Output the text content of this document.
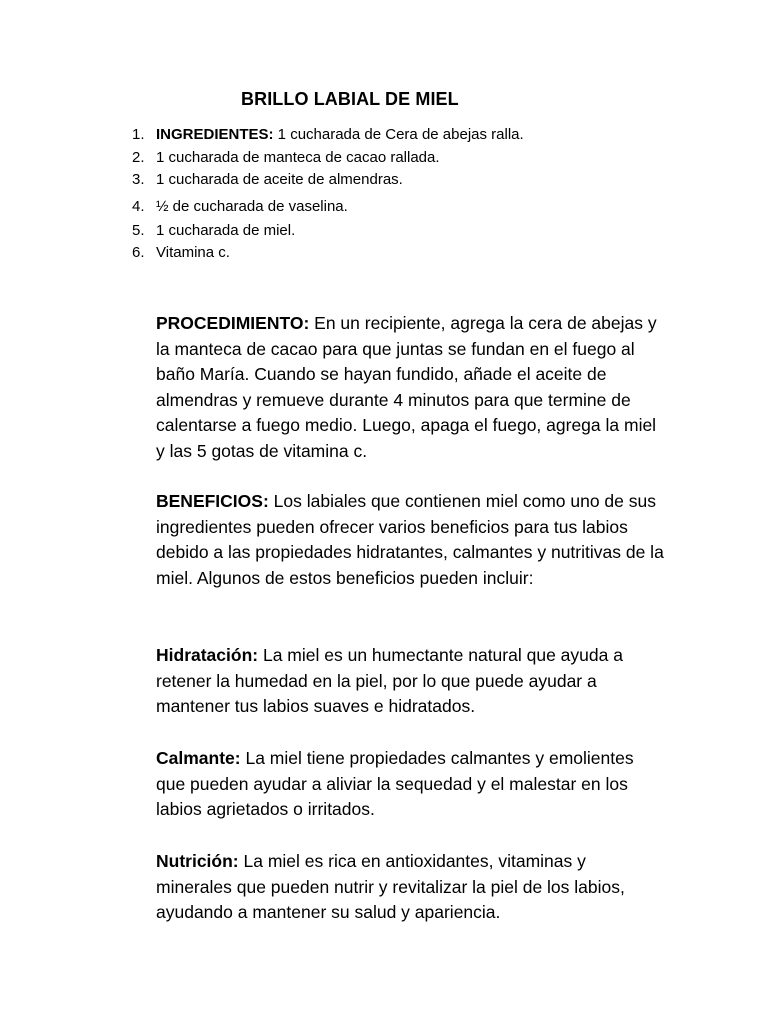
BRILLO LABIAL DE MIEL
1. INGREDIENTES: 1 cucharada de Cera de abejas ralla.
2. 1 cucharada de manteca de cacao rallada.
3. 1 cucharada de aceite de almendras.
4. ½ de cucharada de vaselina.
5. 1 cucharada de miel.
6. Vitamina c.

PROCEDIMIENTO: En un recipiente, agrega la cera de abejas y la manteca de cacao para que juntas se fundan en el fuego al baño María. Cuando se hayan fundido, añade el aceite de almendras y remueve durante 4 minutos para que termine de calentarse a fuego medio. Luego, apaga el fuego, agrega la miel y las 5 gotas de vitamina c.

BENEFICIOS: Los labiales que contienen miel como uno de sus ingredientes pueden ofrecer varios beneficios para tus labios debido a las propiedades hidratantes, calmantes y nutritivas de la miel. Algunos de estos beneficios pueden incluir:

Hidratación: La miel es un humectante natural que ayuda a retener la humedad en la piel, por lo que puede ayudar a mantener tus labios suaves e hidratados.

Calmante: La miel tiene propiedades calmantes y emolientes que pueden ayudar a aliviar la sequedad y el malestar en los labios agrietados o irritados.

Nutrición: La miel es rica en antioxidantes, vitaminas y minerales que pueden nutrir y revitalizar la piel de los labios, ayudando a mantener su salud y apariencia.
